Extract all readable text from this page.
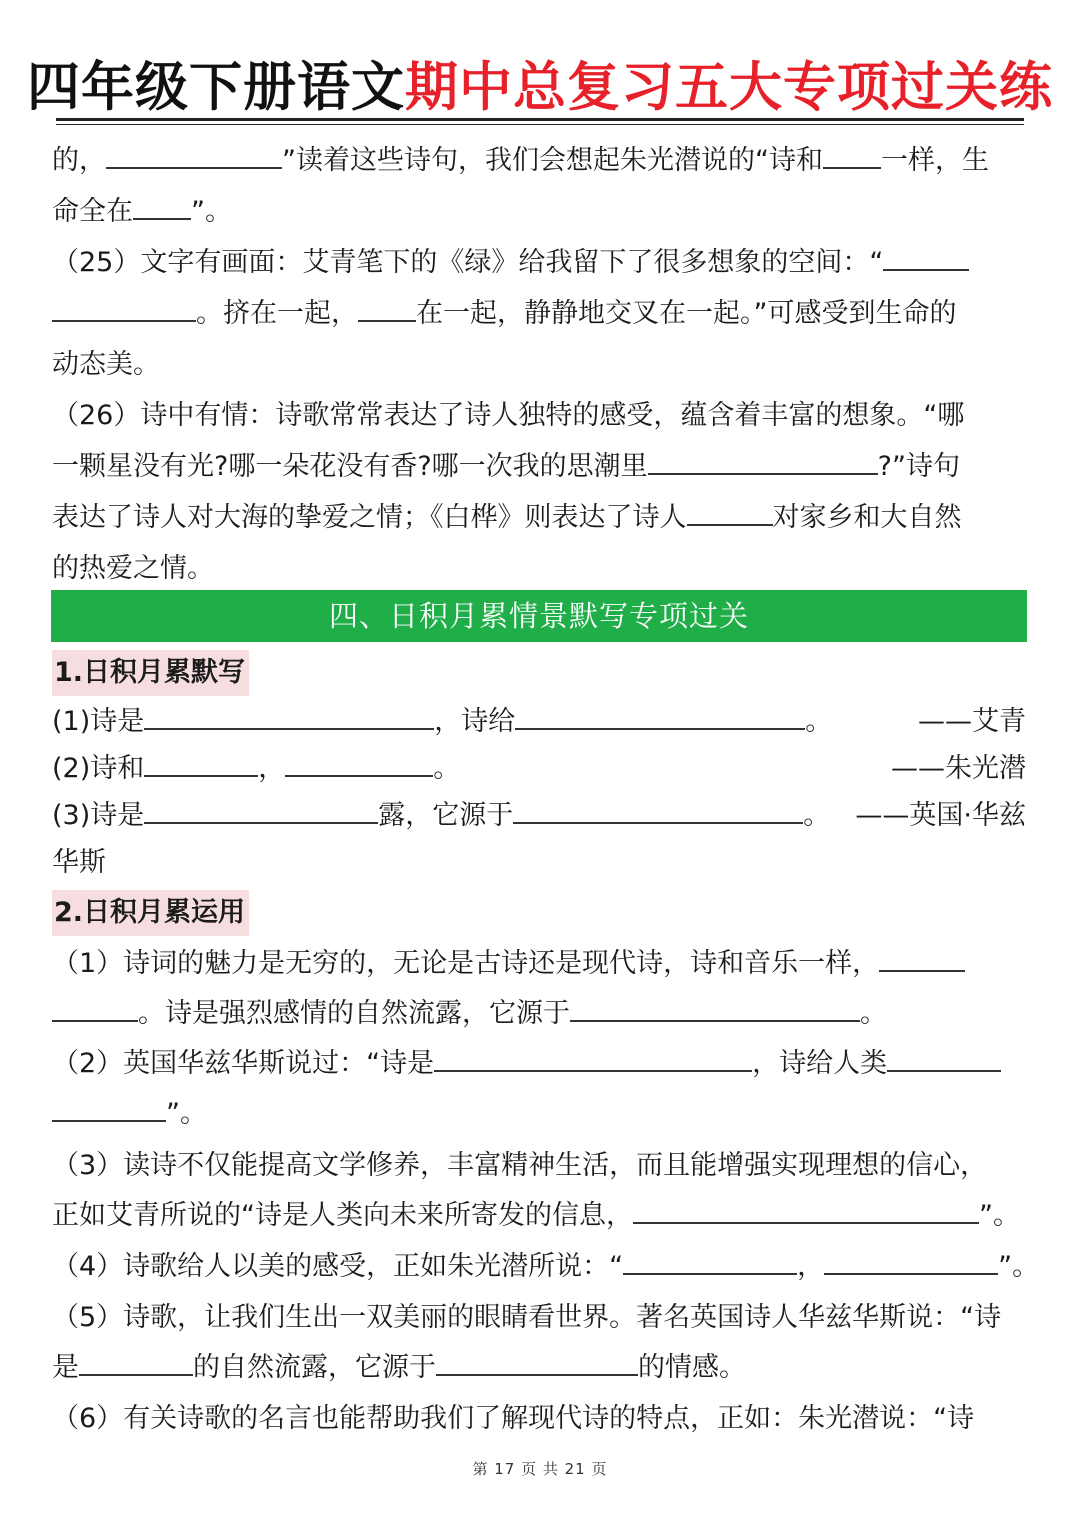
四年级下册语文期中总复习五大专项过关练
的，	”读着这些诗句，我们会想起朱光潜说的“诗和 一样，生
命全在 ”。
（25）文字有画面：艾青笔下的《绿》给我留下了很多想象的空间：“
。挤在一起， 在一起，静静地交叉在一起。”可感受到生命的
动态美。
（26）诗中有情：诗歌常常表达了诗人独特的感受，蕴含着丰富的想象。“哪
一颗星没有光?哪一朵花没有香?哪一次我的思潮里	?”诗句
表达了诗人对大海的挚爱之情；《白桦》则表达了诗人	对家乡和大自然
的热爱之情。
四、日积月累情景默写专项过关
1.日积月累默写
(1)诗是	，诗给	。	——艾青
(2)诗和	，	。	——朱光潜
(3)诗是	露，它源于	。 ——英国·华兹
华斯
2.日积月累运用
（1）诗词的魅力是无穷的，无论是古诗还是现代诗，诗和音乐一样，
。诗是强烈感情的自然流露，它源于	。
（2）英国华兹华斯说过：“诗是	，诗给人类
”。
（3）读诗不仅能提高文学修养，丰富精神生活，而且能增强实现理想的信心，
正如艾青所说的“诗是人类向未来所寄发的信息，	”。
（4）诗歌给人以美的感受，正如朱光潜所说：“	，	”。
（5）诗歌，让我们生出一双美丽的眼睛看世界。著名英国诗人华兹华斯说：“诗
是	的自然流露，它源于	的情感。
（6）有关诗歌的名言也能帮助我们了解现代诗的特点，正如：朱光潜说：“诗
第 17 页 共 21 页
